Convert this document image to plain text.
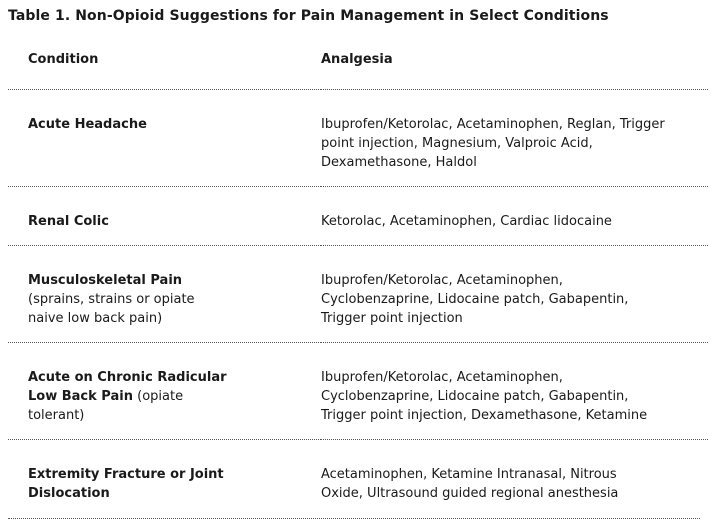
Table 1. Non-Opioid Suggestions for Pain Management in Select Conditions
Condition	Analgesia

Acute Headache	Ibuprofen/Ketorolac, Acetaminophen, Reglan, Trigger point injection, Magnesium, Valproic Acid, Dexamethasone, Haldol

Renal Colic	Ketorolac, Acetaminophen, Cardiac lidocaine

Musculoskeletal Pain
(sprains, strains or opiate naive low back pain)	Ibuprofen/Ketorolac, Acetaminophen, Cyclobenzaprine, Lidocaine patch, Gabapentin, Trigger point injection

Acute on Chronic Radicular Low Back Pain (opiate tolerant)	Ibuprofen/Ketorolac, Acetaminophen, Cyclobenzaprine, Lidocaine patch, Gabapentin, Trigger point injection, Dexamethasone, Ketamine

Extremity Fracture or Joint Dislocation	Acetaminophen, Ketamine Intranasal, Nitrous Oxide, Ultrasound guided regional anesthesia
